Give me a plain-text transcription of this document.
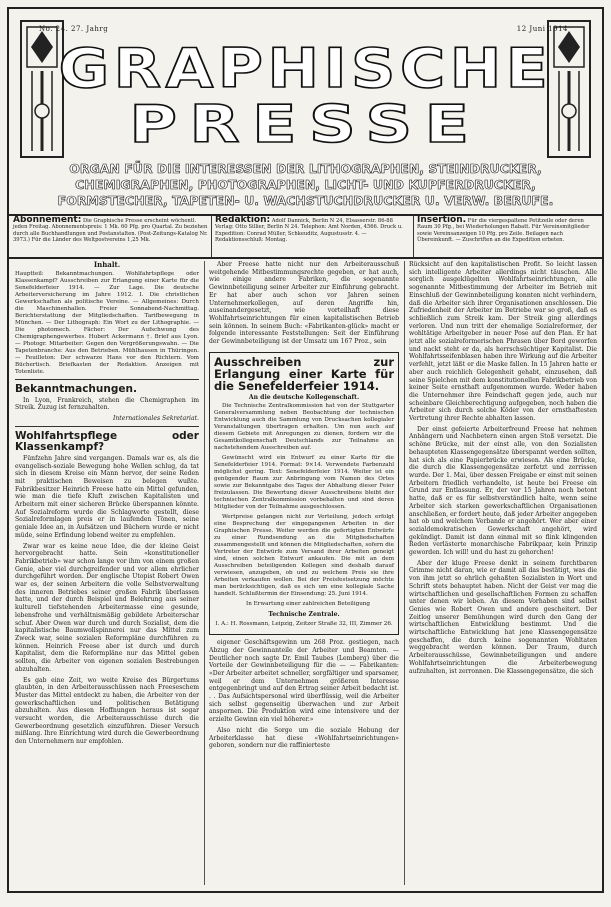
No. 24. 27. Jahrg	12 Juni 1914
GRAPHISCHE
PRESSE
ORGAN FÜR DIE INTERESSEN DER LITHOGRAPHEN, STEINDRUCKER,
CHEMIGRAPHEN, PHOTOGRAPHEN, LICHT- UND KUPFERDRUCKER,
FORMSTECHER, TAPETEN- U. WACHSTUCHDRUCKER U. VERW. BERUFE.
Abonnement: Die Graphische Presse erscheint wöchentl. jeden Freitag. Abonnementspreis: 1 Mk. 60 Pfg. pro Quartal. Zu beziehen durch alle Buchhandlungen und Postanstalten. (Post-Zeitungs-Katalog Nr. 3973.) Für die Länder des Weltpostvereins 1,25 Mk.
Redaktion: Adolf Dannick, Berlin N 24, Elsasserstr. 86-88 Verlag: Otto Sillier, Berlin N 24. Telephon: Amt Norden, 4566. Druck u. Expedition: Conrad Müller, Schkeuditz, Augustusstr. 4. — Redaktionsschluß: Montag.
Insertion. Für die viergespaltene Petitzeile oder deren Raum 30 Pfg., bei Wiederholungen Rabatt. Für Vereinsmitglieder sowie Vereinsanzeigen 10 Pfg. pro Zeile. Beilagen nach Übereinkunft. — Zuschriften an die Expedition erbeten.
Inhalt.

Hauptteil: Bekanntmachungen. Wohlfahrtspflege oder Klassenkampf? Ausschreiben zur Erlangung einer Karte für die Senefelderfeier 1914. — Zur Lage. Die deutsche Arbeiterversicherung im Jahre 1912. I. Die christlichen Gewerkschaften als politische Vereine. — Allgemeines: Durch die Maschinenhallen. Freier Sonnabend-Nachmittag. Berichterstattung der Mitgliedschaften. Tarifbewegung in München. — Der Lithograph: Ein Wort zu der Lithographie. — Die photomech. Fächer: Der Aufschwung des Chemigraphengewerbes. Hubert Ackermann †. Brief aus Lyon. — Photogr. Mitarbeiter: Gegen den Vergrößerungswahn. — Die Tapetenbranche: Aus den Betrieben. Mühlhausen in Thüringen. — Feuilleton: Der schwarze Hans vor den Richtern. Vom Büchertisch. Briefkasten der Redaktion. Anzeigen mit Totenliste.

Bekanntmachungen.

In Lyon, Frankreich, stehen die Chemigraphen im Streik. Zuzug ist fernzuhalten.

Internationales Sekretariat.

Wohlfahrtspflege oder Klassenkampf?

Fünfzehn Jahre sind vergangen. Damals war es, als die evangelisch-soziale Bewegung hohe Wellen schlug, da tat sich in diesem Kreise ein Mann hervor, der seine Reden mit praktischen Beweisen zu belegen wußte. Fabrikbesitzer Heinrich Freese hatte ein Mittel gefunden, wie man die tiefe Kluft zwischen Kapitalisten und Arbeitern mit einer sicheren Brücke überspannen könnte. Auf Sozialreform wurde die Schlagworte gestellt, diese Sozialreformlagen preis er in laufenden Tönen, seine geniale Idee an, in Aufsätzen und Büchern wurde er nicht müde, seine Erfindung lobend weiter zu empfehlen.

Zwar war es keine neue Idee, die der kleine Geist hervorgebracht hatte. Sein «konstitutioneller Fabrikbetrieb» war schon lange vor ihm von einem großen Genie, aber viel durchgreifender und vor allem ehrlicher durchgeführt worden. Der englische Utopist Robert Owen war es, der seinen Arbeitern die volle Selbstverwaltung des inneren Betriebes seiner großen Fabrik überlassen hatte, und der durch Beispiel und Belehrung aus seiner kulturell tiefstehenden Arbeitermasse eine gesunde, lebensfrohe und verhältnismäßig gebildete Arbeiterschar schuf. Aber Owen war durch und durch Sozialist, dem die kapitalistische Baumwollspinnerei nur das Mittel zum Zweck war, seine sozialen Reformpläne durchführen zu können. Heinrich Freese aber ist durch und durch Kapitalist, dem die Reformpläne nur das Mittel geben sollten, die Arbeiter von eigenen sozialen Bestrebungen abzuhalten.

Es gab eine Zeit, wo weite Kreise des Bürgertums glaubten, in den Arbeiterausschüssen nach Freeseschem Muster das Mittel entdeckt zu haben, die Arbeiter von der gewerkschaftlichen und politischen Betätigung abzuhalten. Aus diesen Hoffnungen heraus ist sogar versucht worden, die Arbeiterausschüsse durch die Gewerbeordnung gesetzlich einzuführen. Dieser Versuch mißlang. Ihre Einrichtung wird durch die Gewerbeordnung den Unternehmern nur empfohlen.

Aber Freese hatte nicht nur den Arbeiterausschuß weitgehende Mitbestimmungsrechte gegeben, er hat auch, wie einige andere Fabriken, die sogenannte Gewinnbeteiligung seiner Arbeiter zur Einführung gebracht. Er hat aber auch schon vor Jahren seinen Unternehmerkollegen, auf deren Angriffe hin, auseinandergesetzt, wie vorteilhaft diese Wohlfahrtseinrichtungen für einen kapitalistischen Betrieb sein können. In seinem Buch: «Fabrikanten-glück» macht er folgende interessante Feststellungen: Seit der Einführung der Gewinnbeteiligung ist der Umsatz um 167 Proz., sein

Ausschreiben zur Erlangung einer Karte für die Senefelderfeier 1914.
An die deutsche Kollegenschaft.

Die Technische Zentralkommission hat von der Stuttgarter Generalversammlung neben Beobachtung der technischen Entwicklung auch die Sammlung von Drucksachen kollegialer Veranstaltungen übertragen erhalten. Um nun auch auf diesem Gebiete mit Anregungen zu dienen, fordern wir die Gesamtkollegenschaft Deutschlands zur Teilnahme an nachstehendem Ausschreiben auf.

Gewünscht wird ein Entwurf zu einer Karte für die Senefelderfeier 1914. Format: 9×14. Verwendete Farbenzahl möglichst gering. Text: Senefelderfeier 1914. Weiter ist ein genügender Raum zur Anbringung vom Namen des Ortes sowie zur Bekanntgabe des Tages der Abhaltung dieser Feier freizulassen. Die Bewertung dieser Ausschreibens bleibt der technischen Zentralkommission vorbehalten und sind deren Mitglieder von der Teilnahme ausgeschlossen.

Wertpreise gelangen nicht zur Verteilung, jedoch erfolgt eine Besprechung der eingegangenen Arbeiten in der Graphischen Presse. Weiter werden die gefertigten Entwürfe zu einer Rundsendung an die Mitgliedschaften zusammengestellt und können die Mitgliedschaften, sofern die Vertreter der Entwürfe zum Versand ihrer Arbeiten geneigt sind, einen solchen Entwurf ankaufen. Die mit an dem Ausschreiben beteiligenden Kollegen sind deshalb darauf verwiesen, anzugeben, ob und zu welchem Preis sie ihre Arbeiten verkaufen wollen. Bei der Preisfestsetzung möchte man berücksichtigen, daß es sich um eine kollegiale Sache handelt. Schlußtermin der Einsendung: 25. Juni 1914.

In Erwartung einer zahlreichen Beteiligung

Technische Zentrale.

I. A.: H. Rossmann, Leipzig, Zeitzer Straße 32, III, Zimmer 26.

eigener Geschäftsgewinn um 268 Proz. gestiegen, nach Abzug der Gewinnanteile der Arbeiter und Beamten. — Deutlicher noch sagte Dr. Emil Taubes (Lemberg) über die Vorteile der Gewinnbeteiligung für die — — Fabrikanten: «Der Arbeiter arbeitet schneller, sorgfältiger und sparsamer, weil er dem Unternehmen größeren Interesse entgegenbringt und auf den Ertrag seiner Arbeit bedacht ist. . . Das Aufsichtspersonal wird überflüssig, weil die Arbeiter sich selbst gegenseitig überwachen und zur Arbeit anspornen. Die Produktion wird eine intensivere und der erzielte Gewinn ein viel höherer.»

Also nicht die Sorge um die soziale Hebung der Arbeiterklasse hat diese «Wohlfahrtseinrichtungen» geboren, sondern nur die raffinierteste

Rücksicht auf den kapitalistischen Profit. So leicht lassen sich intelligente Arbeiter allerdings nicht täuschen. Alle sorglich ausgeklügelten Wohlfahrtseinrichtungen, alle sogenannte Mitbestimmung der Arbeiter im Betrieb mit Einschluß der Gewinnbeteiligung konnten nicht verhindern, daß die Arbeiter sich ihrer Organisationen anschlossen. Die Zufriedenheit der Arbeiter im Betriebe war so groß, daß es schließlich zum Streik kam. Der Streik ging allerdings verloren. Und nun tritt der ehemalige Sozialreformer, der wohltätige Arbeitgeber in neuer Pose auf den Plan. Er hat jetzt alle sozialreformerischen Phrasen über Bord geworfen und nackt steht er da, als herrschsüchtiger Kapitalist. Die Wohlfahrtsseifenblasen haben ihre Wirkung auf die Arbeiter verfehlt, jetzt läßt er die Maske fallen. In 15 Jahren hatte er aber auch reichlich Gelegenheit gehabt, einzusehen, daß seine Spielchen mit dem konstitutionellen Fabrikbetrieb von keiner Seite ernsthaft aufgenommen wurde. Weder haben die Unternehmer ihre Feindschaft gegen jede, auch nur scheinbare Gleichberechtigung aufgegeben, noch haben die Arbeiter sich durch solche Köder von der ernsthaftesten Vertretung ihrer Rechte abhalten lassen.

Der einst gefeierte Arbeiterfreund Freese hat nehmen Anhängern und Nachbetern einen argen Stoß versetzt. Die schöne Brücke, mit der einst alle, von den Sozialisten behaupteten Klassengegensätze überspannt werden sollten, hat sich als eine Papierbrücke erwiesen. Als eine Brücke, die durch die Klassengegensätze zerfetzt und zerrissen wurde. Der 1. Mai, über dessen Freigabe er einst mit seinen Arbeitern friedlich verhandelte, ist heute bei Freese ein Grund zur Entlassung. Er, der vor 15 Jahren noch betont hatte, daß er es für selbstverständlich halte, wenn seine Arbeiter sich starken gewerkschaftlichen Organisationen anschließen, er fordert heute, daß jeder Arbeiter angegeben hat ob und welchem Verbande er angehört. Wer aber einer sozialdemokratischen Gewerkschaft angehört, wird gekündigt. Damit ist dann einmal mit so flink klingenden Reden verlästerte monarchische Fabrikpaar, kein Prinzip geworden. Ich will! und du hast zu gehorchen!

Aber der kluge Freese denkt in seinem furchtbaren Grimme nicht daran, wie er damit all das bestätigt, was die von ihm jetzt so ehrlich gehaßten Sozialisten in Wort und Schrift stets behauptet haben. Nicht der Geist ver mag die wirtschaftlichen und gesellschaftlichen Formen zu schaffen unter denen wir leben. An diesem Vorhaben sind selbst Genies wie Robert Owen und andere gescheitert. Der Zeitlog unserer Bemühungen wird durch den Gang der wirtschaftlichen Entwicklung bestimmt. Und die wirtschaftliche Entwicklung hat jene Klassengegensätze geschaffen, die durch keine sogenannten Wohltaten weggebracht werden können. Der Traum, durch Arbeiterausschüsse, Gewinnbeteiligungen und andere Wohlfahrtseinrichtungen die Arbeiterbewegung aufzuhalten, ist zerronnen. Die Klassengegensätze, die sich
